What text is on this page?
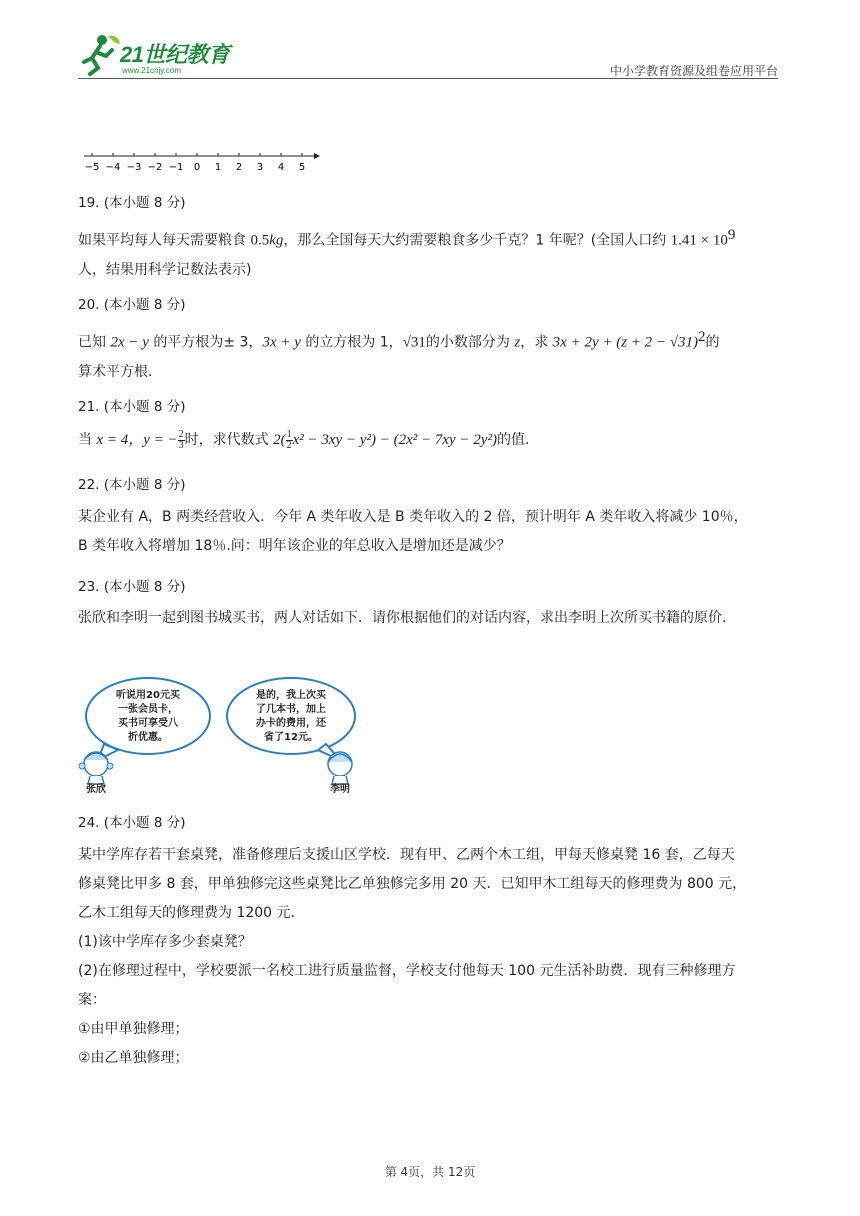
21世纪教育
www.21cnjy.com	中小学教育资源及组卷应用平台
−5 −4 −3 −2 −1 0 1 2 3 4 5
19. (本小题 8 分)
如果平均每人每天需要粮食 0.5kg，那么全国每天大约需要粮食多少千克？1 年呢？(全国人口约 $1.41 \times 10^9$
人，结果用科学记数法表示)
20. (本小题 8 分)
已知 2x − y 的平方根为± 3，3x + y 的立方根为 1，√31的小数部分为 z，求 $3x + 2y + (z + 2 - √31)^2$的
算术平方根.
21. (本小题 8 分)
当 x = 4，y = − $\frac{2}{3}$ 时，求代数式 $2( \frac{1}{2} x^2 - 3xy - y^2) - (2x^2 - 7xy - 2y^2)$的值.
22. (本小题 8 分)
某企业有 A，B 两类经营收入．今年 A 类年收入是 B 类年收入的 2 倍，预计明年 A 类年收入将减少 10％，
B 类年收入将增加 18％.问：明年该企业的年总收入是增加还是减少？
23. (本小题 8 分)
张欣和李明一起到图书城买书，两人对话如下．请你根据他们的对话内容，求出李明上次所买书籍的原价.
听说用20元买
一张会员卡，
买书可享受八
折优惠。
是的，我上次买
了几本书，加上
办卡的费用，还
省了12元。
张欣	李明
24. (本小题 8 分)
某中学库存若干套桌凳，准备修理后支援山区学校．现有甲、乙两个木工组，甲每天修桌凳 16 套，乙每天
修桌凳比甲多 8 套，甲单独修完这些桌凳比乙单独修完多用 20 天．已知甲木工组每天的修理费为 800 元，
乙木工组每天的修理费为 1200 元．
(1)该中学库存多少套桌凳？
(2)在修理过程中，学校要派一名校工进行质量监督，学校支付他每天 100 元生活补助费．现有三种修理方
案：
①由甲单独修理；
②由乙单独修理；
第 4页，共 12页
